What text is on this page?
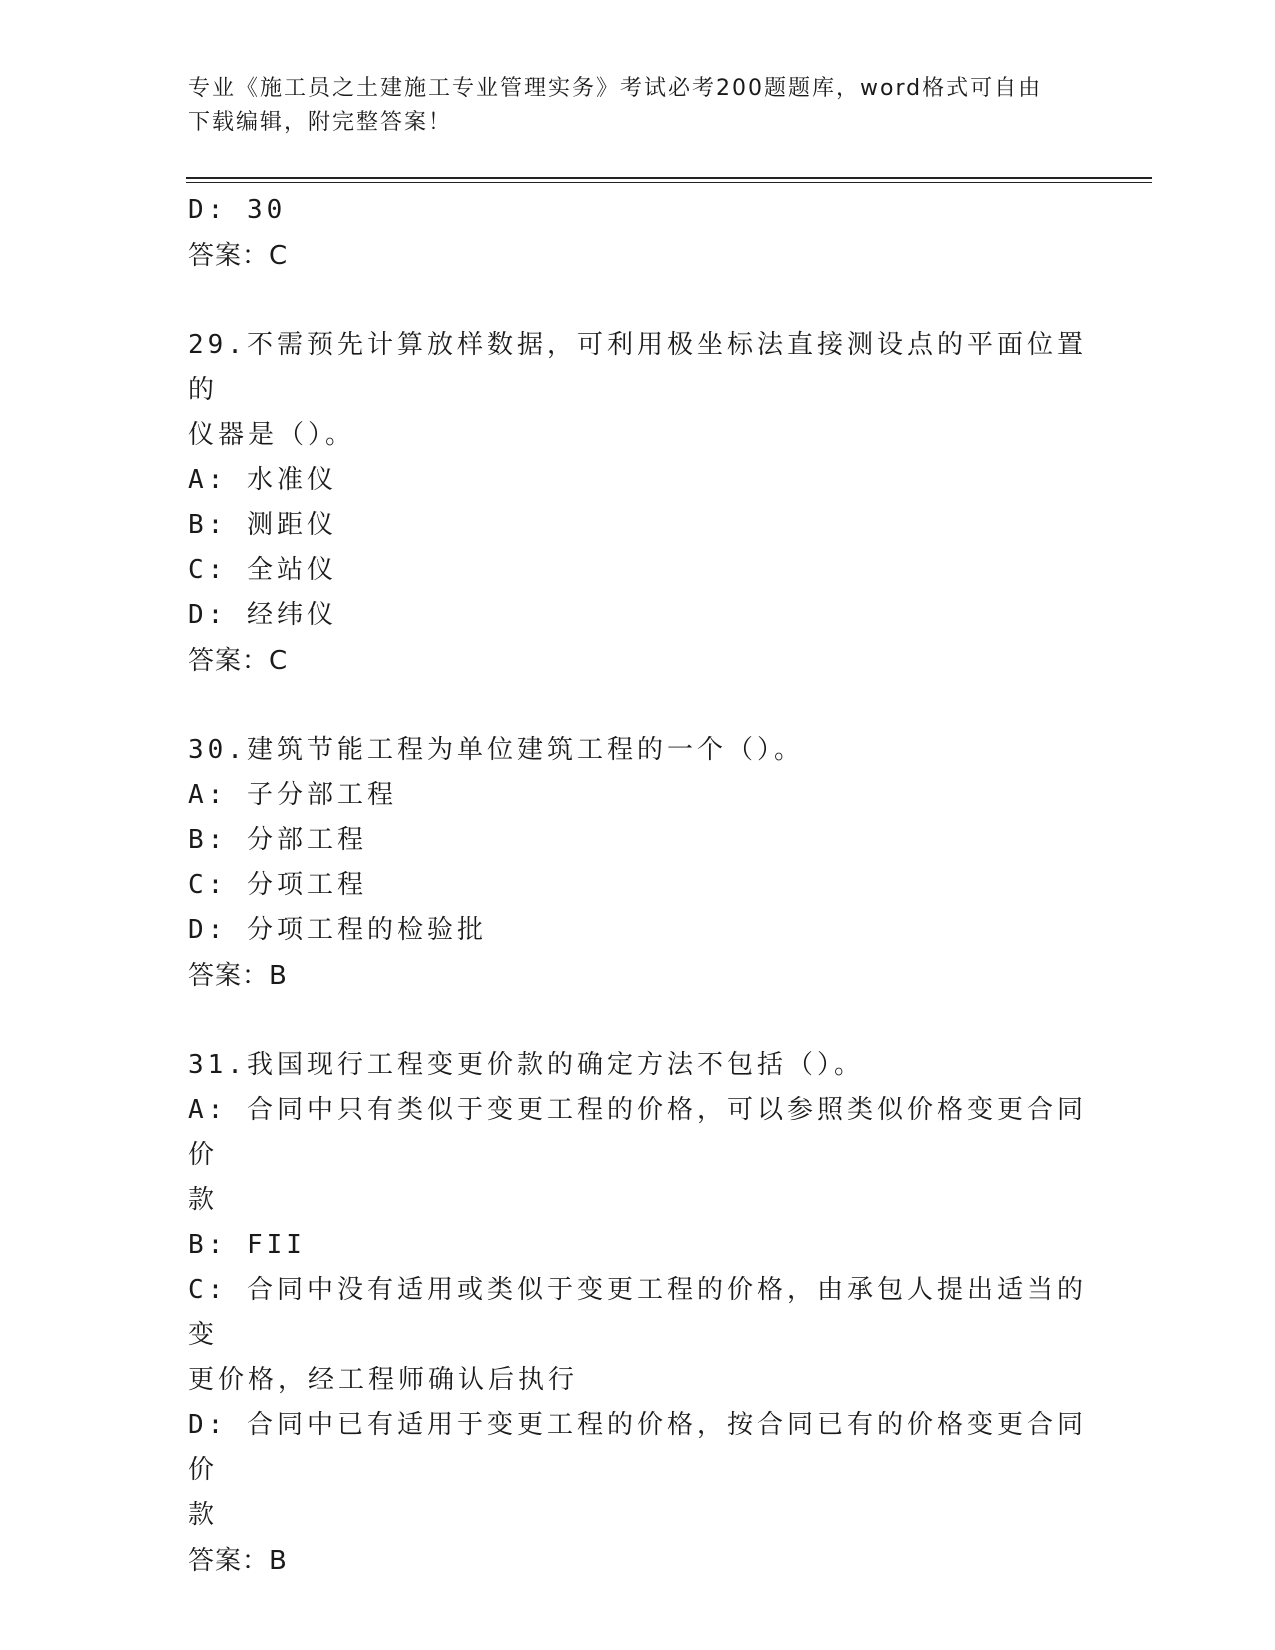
专业《施工员之土建施工专业管理实务》考试必考200题题库，word格式可自由
下载编辑，附完整答案！

D: 30

答案：C

29.不需预先计算放样数据，可利用极坐标法直接测设点的平面位置的

仪器是（）。

A: 水准仪

B: 测距仪

C: 全站仪

D: 经纬仪

答案：C

30.建筑节能工程为单位建筑工程的一个（）。

A: 子分部工程

B: 分部工程

C: 分项工程

D: 分项工程的检验批

答案：B

31.我国现行工程变更价款的确定方法不包括（）。

A: 合同中只有类似于变更工程的价格，可以参照类似价格变更合同价

款

B: FII

C: 合同中没有适用或类似于变更工程的价格，由承包人提出适当的变

更价格，经工程师确认后执行

D: 合同中已有适用于变更工程的价格，按合同已有的价格变更合同价

款

答案：B
